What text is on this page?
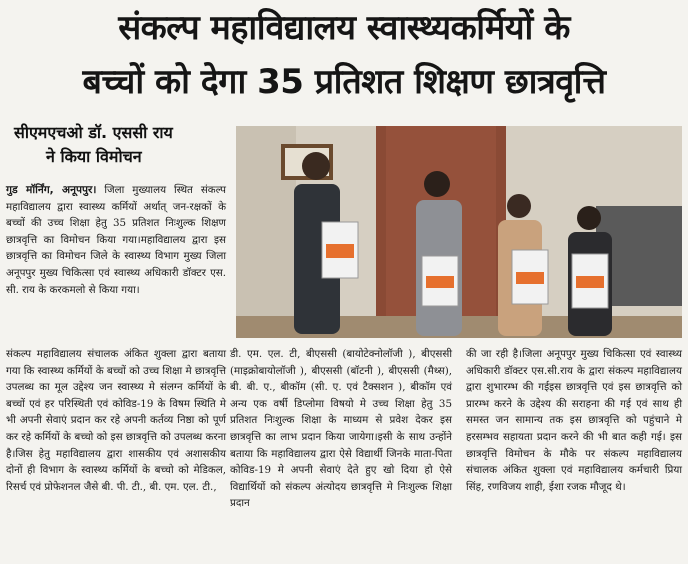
संकल्प महाविद्यालय स्वास्थ्यकर्मियों के
बच्चों को देगा 35 प्रतिशत शिक्षण छात्रवृत्ति
सीएमएचओ डॉ. एससी राय
ने किया विमोचन
गुड मॉर्निंग, अनूपपुर। जिला मुख्यालय स्थित संकल्प महाविद्यालय द्वारा स्वास्थ्य कर्मियों अर्थात् जन-रक्षकों के बच्चों की उच्च शिक्षा हेतु 35 प्रतिशत निःशुल्क शिक्षण छात्रवृत्ति का विमोचन किया गया।महाविद्यालय द्वारा इस छात्रवृत्ति का विमोचन जिले के स्वास्थ्य विभाग मुख्य जिला अनूपपुर मुख्य चिकित्सा एवं स्वास्थ्य अधिकारी डॉक्टर एस. सी. राय के करकमलो से किया गया।
संकल्प महाविद्यालय संचालक अंकित शुक्ला द्वारा बताया गया कि स्वास्थ्य कर्मियों के बच्चों को उच्च शिक्षा मे छात्रवृत्ति उपलब्ध का मूल उद्देश्य जन स्वास्थ्य मे संलग्न कर्मियों के बच्चों एवं हर परिस्थिती एवं कोविड-19 के विषम स्थिति मे भी अपनी सेवाएं प्रदान कर रहे अपनी कर्तव्य निष्ठा को पूर्ण कर रहे कर्मियों के बच्चो को इस छात्रवृत्ति को उपलब्ध करना है।जिस हेतु महाविद्यालय द्वारा शासकीय एवं अशासकीय दोनों ही विभाग के स्वास्थ्य कर्मियों के बच्चो को मेडिकल, रिसर्च एवं प्रोफेशनल जैसे बी. पी. टी., बी. एम. एल. टी.,
डी. एम. एल. टी, बीएससी (बायोटेक्नोलॉजी ), बीएससी (माइक्रोबायोलॉजी ), बीएससी (बॉटनी ), बीएससी (मैथ्स), बी. बी. ए., बीकॉम (सी. ए. एवं टैक्सशन ), बीकॉम एवं अन्य एक वर्षी डिप्लोमा विषयो मे उच्च शिक्षा हेतु 35 प्रतिशत निःशुल्क शिक्षा के माध्यम से प्रवेश देकर इस छात्रवृत्ति का लाभ प्रदान किया जायेगा।इसी के साथ उन्होंने बताया कि महाविद्यालय द्वारा ऐसे विद्यार्थी जिनके माता-पिता कोविड-19 मे अपनी सेवाएं देते हुए खो दिया हो ऐसे विद्यार्थियों को संकल्प अंत्योदय छात्रवृत्ति मे निःशुल्क शिक्षा प्रदान
की जा रही है।जिला अनूपपुर मुख्य चिकित्सा एवं स्वास्थ्य अधिकारी डॉक्टर एस.सी.राय के द्वारा संकल्प महाविद्यालय द्वारा शुभारम्भ की गईइस छात्रवृत्ति एवं इस छात्रवृत्ति को प्रारम्भ करने के उद्देश्य की सराहना की गई एवं साथ ही समस्त जन सामान्य तक इस छात्रवृत्ति को पहुंचाने मे हरसम्भव सहायता प्रदान करने की भी बात कही गई। इस छात्रवृत्ति विमोचन के मौके पर संकल्प महाविद्यालय संचालक अंकित शुक्ला एवं महाविद्यालय कर्मचारी प्रिया सिंह, रणविजय शाही, ईशा रजक मौजूद थे।
